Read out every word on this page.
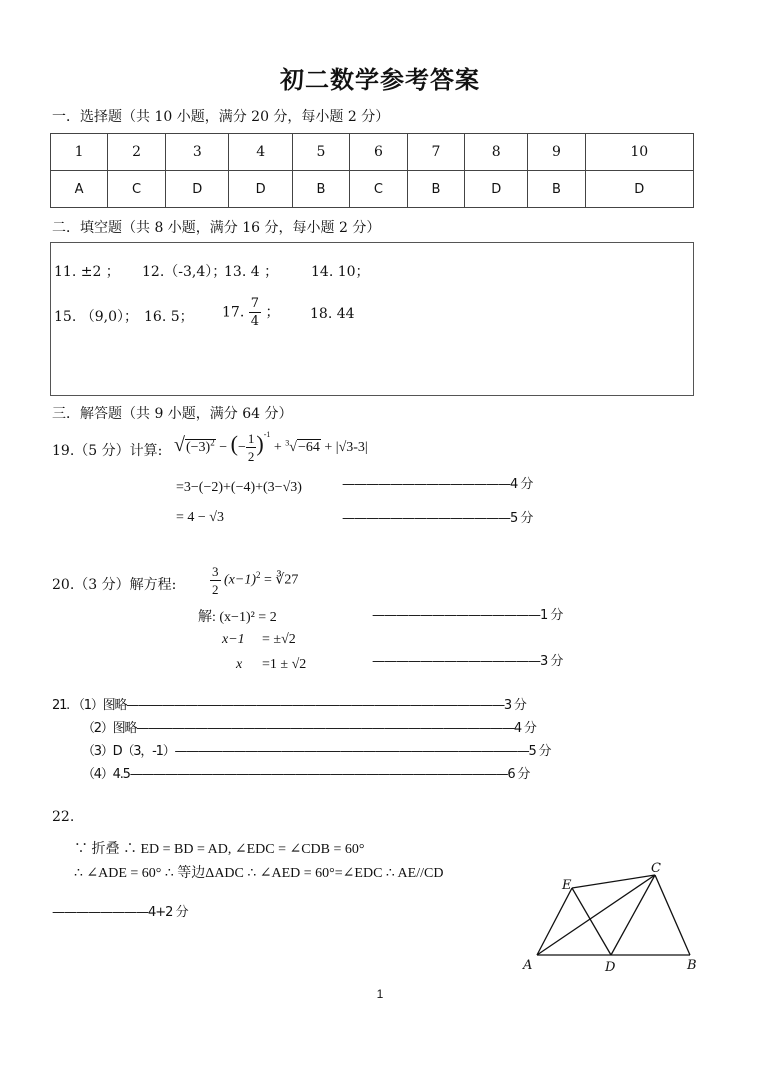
初二数学参考答案
一．选择题（共 10 小题，满分 20 分，每小题 2 分）
1	2	3	4	5	6	7	8	9	10
A	C	D	D	B	C	B	D	B	D
二．填空题（共 8 小题，满分 16 分，每小题 2 分）
11. ±2 ； 12.（-3,4）；
13. 4 ； 14. 10；
15. （9,0）； 16. 5； 17. $\frac{7}{4}$ ； 18. 44
三．解答题（共 9 小题，满分 64 分）
19.（5 分）计算: $√(-3)^2$ − (− $\frac{1}{2} )^{-1} + ^3√-64 + |√3-3|$
=3−(−2)+(−4)+(3−√3)	——————————————4 分
= 4 − √3	——————————————5 分
20.（3 分）解方程:	$\frac{3}{2} (x-1)^2$ = ∛27
解: (x−1)² = 2	——————————————1 分
x−1 = ±√2
x =1 ± √2	——————————————3 分
21. （1）图略————————————————————————————————3 分
（2）图略————————————————————————————————4 分
（3）D（3，-1）——————————————————————————————5 分
（4）4.5————————————————————————————————6 分
22.
∵ 折叠 ∴ ED = BD = AD, ∠EDC = ∠CDB = 60°
∴ ∠ADE = 60° ∴ 等边ΔADC ∴ ∠AED = 60°=∠EDC ∴ AE//CD
————————4+2 分
E
C
A	D	B
1
